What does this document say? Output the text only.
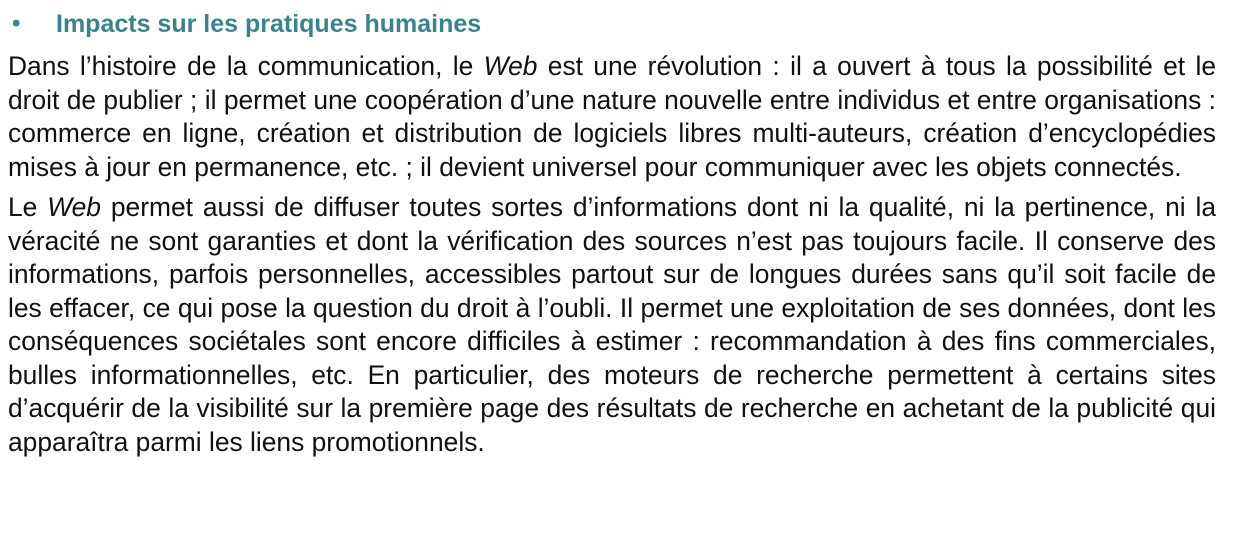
•	Impacts sur les pratiques humaines

Dans l’histoire de la communication, le Web est une révolution : il a ouvert à tous la possibilité et le droit de publier ; il permet une coopération d’une nature nouvelle entre individus et entre organisations : commerce en ligne, création et distribution de logiciels libres multi-auteurs, création d’encyclopédies mises à jour en permanence, etc. ; il devient universel pour communiquer avec les objets connectés.

Le Web permet aussi de diffuser toutes sortes d’informations dont ni la qualité, ni la pertinence, ni la véracité ne sont garanties et dont la vérification des sources n’est pas toujours facile. Il conserve des informations, parfois personnelles, accessibles partout sur de longues durées sans qu’il soit facile de les effacer, ce qui pose la question du droit à l’oubli. Il permet une exploitation de ses données, dont les conséquences sociétales sont encore difficiles à estimer : recommandation à des fins commerciales, bulles informationnelles, etc. En particulier, des moteurs de recherche permettent à certains sites d’acquérir de la visibilité sur la première page des résultats de recherche en achetant de la publicité qui apparaîtra parmi les liens promotionnels.
